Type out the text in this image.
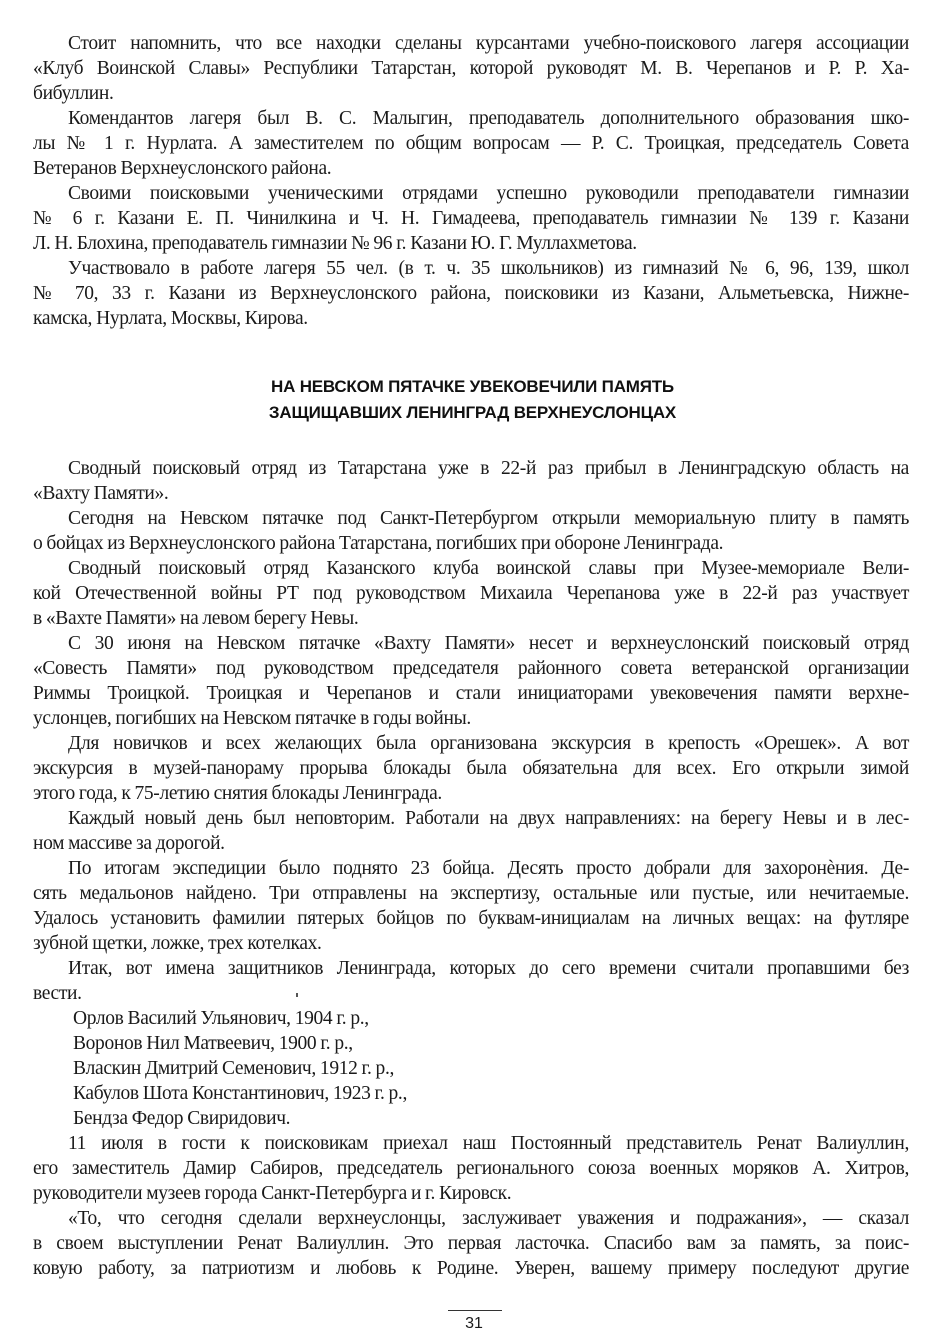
Стоит напомнить, что все находки сделаны курсантами учебно-поискового лагеря ассоциации
«Клуб Воинской Славы» Республики Татарстан, которой руководят М. В. Черепанов и Р. Р. Ха-
бибуллин.
Комендантов лагеря был В. С. Малыгин, преподаватель дополнительного образования шко-
лы № 1 г. Нурлата. А заместителем по общим вопросам — Р. С. Троицкая, председатель Совета
Ветеранов Верхнеуслонского района.
Своими поисковыми ученическими отрядами успешно руководили преподаватели гимназии
№ 6 г. Казани Е. П. Чинилкина и Ч. Н. Гимадеева, преподаватель гимназии № 139 г. Казани
Л. Н. Блохина, преподаватель гимназии № 96 г. Казани Ю. Г. Муллахметова.
Участвовало в работе лагеря 55 чел. (в т. ч. 35 школьников) из гимназий № 6, 96, 139, школ
№ 70, 33 г. Казани из Верхнеуслонского района, поисковики из Казани, Альметьевска, Нижне-
камска, Нурлата, Москвы, Кирова.
НА НЕВСКОМ ПЯТАЧКЕ УВЕКОВЕЧИЛИ ПАМЯТЬ
ЗАЩИЩАВШИХ ЛЕНИНГРАД ВЕРХНЕУСЛОНЦАХ
Сводный поисковый отряд из Татарстана уже в 22-й раз прибыл в Ленинградскую область на
«Вахту Памяти».
Сегодня на Невском пятачке под Санкт-Петербургом открыли мемориальную плиту в память
о бойцах из Верхнеуслонского района Татарстана, погибших при обороне Ленинграда.
Сводный поисковый отряд Казанского клуба воинской славы при Музее-мемориале Вели-
кой Отечественной войны РТ под руководством Михаила Черепанова уже в 22-й раз участвует
в «Вахте Памяти» на левом берегу Невы.
С 30 июня на Невском пятачке «Вахту Памяти» несет и верхнеуслонский поисковый отряд
«Совесть Памяти» под руководством председателя районного совета ветеранской организации
Риммы Троицкой. Троицкая и Черепанов и стали инициаторами увековечения памяти верхне-
услонцев, погибших на Невском пятачке в годы войны.
Для новичков и всех желающих была организована экскурсия в крепость «Орешек». А вот
экскурсия в музей-панораму прорыва блокады была обязательна для всех. Его открыли зимой
этого года, к 75-летию снятия блокады Ленинграда.
Каждый новый день был неповторим. Работали на двух направлениях: на берегу Невы и в лес-
ном массиве за дорогой.
По итогам экспедиции было поднято 23 бойца. Десять просто добрали для захоронѐния. Де-
сять медальонов найдено. Три отправлены на экспертизу, остальные или пустые, или нечитаемые.
Удалось установить фамилии пятерых бойцов по буквам-инициалам на личных вещах: на футляре
зубной щетки, ложке, трех котелках.
Итак, вот имена защитников Ленинграда, которых до сего времени считали пропавшими без
вести.
Орлов Василий Ульянович, 1904 г. р.,
Воронов Нил Матвеевич, 1900 г. р.,
Власкин Дмитрий Семенович, 1912 г. р.,
Кабулов Шота Константинович, 1923 г. р.,
Бендза Федор Свиридович.
11 июля в гости к поисковикам приехал наш Постоянный представитель Ренат Валиуллин,
его заместитель Дамир Сабиров, председатель регионального союза военных моряков А. Хитров,
руководители музеев города Санкт-Петербурга и г. Кировск.
«То, что сегодня сделали верхнеуслонцы, заслуживает уважения и подражания», — сказал
в своем выступлении Ренат Валиуллин. Это первая ласточка. Спасибо вам за память, за поис-
ковую работу, за патриотизм и любовь к Родине. Уверен, вашему примеру последуют другие
31
